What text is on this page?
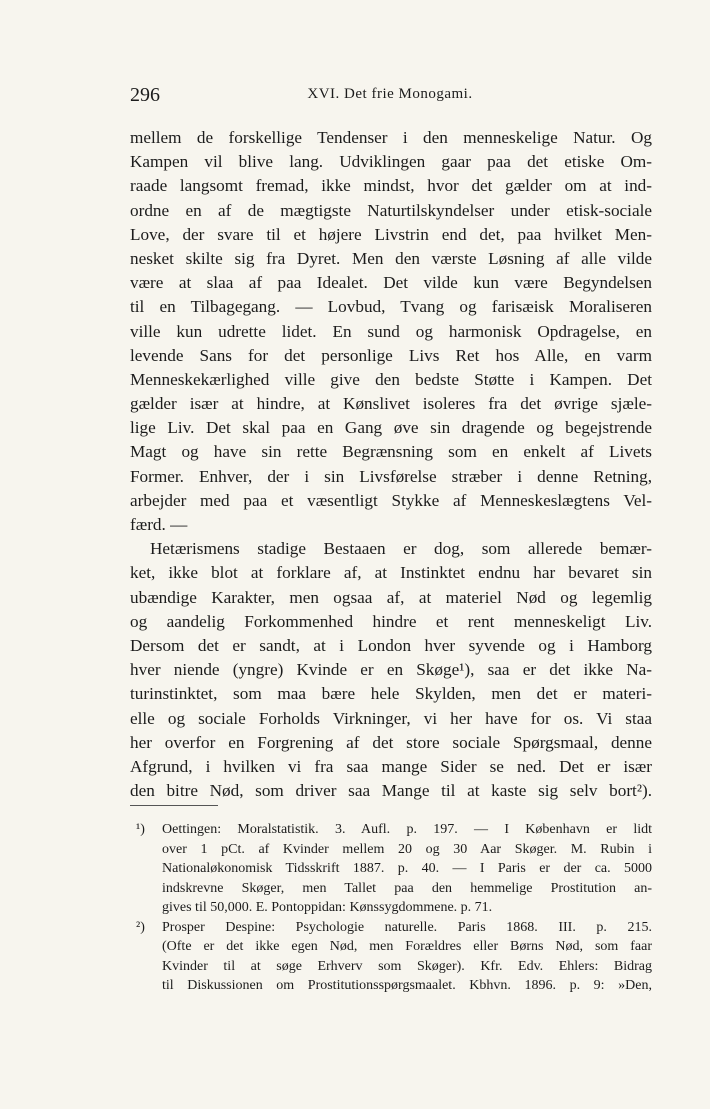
296	XVI. Det frie Monogami.
mellem de forskellige Tendenser i den menneskelige Natur. Og
Kampen vil blive lang. Udviklingen gaar paa det etiske Om-
raade langsomt fremad, ikke mindst, hvor det gælder om at ind-
ordne en af de mægtigste Naturtilskyndelser under etisk-sociale
Love, der svare til et højere Livstrin end det, paa hvilket Men-
nesket skilte sig fra Dyret. Men den værste Løsning af alle vilde
være at slaa af paa Idealet. Det vilde kun være Begyndelsen
til en Tilbagegang. — Lovbud, Tvang og farisæisk Moraliseren
ville kun udrette lidet. En sund og harmonisk Opdragelse, en
levende Sans for det personlige Livs Ret hos Alle, en varm
Menneskekærlighed ville give den bedste Støtte i Kampen. Det
gælder især at hindre, at Kønslivet isoleres fra det øvrige sjæle-
lige Liv. Det skal paa en Gang øve sin dragende og begejstrende
Magt og have sin rette Begrænsning som en enkelt af Livets
Former. Enhver, der i sin Livsførelse stræber i denne Retning,
arbejder med paa et væsentligt Stykke af Menneskeslægtens Vel-
færd. —
Hetærismens stadige Bestaaen er dog, som allerede bemær-
ket, ikke blot at forklare af, at Instinktet endnu har bevaret sin
ubændige Karakter, men ogsaa af, at materiel Nød og legemlig
og aandelig Forkommenhed hindre et rent menneskeligt Liv.
Dersom det er sandt, at i London hver syvende og i Hamborg
hver niende (yngre) Kvinde er en Skøge¹), saa er det ikke Na-
turinstinktet, som maa bære hele Skylden, men det er materi-
elle og sociale Forholds Virkninger, vi her have for os. Vi staa
her overfor en Forgrening af det store sociale Spørgsmaal, denne
Afgrund, i hvilken vi fra saa mange Sider se ned. Det er især
den bitre Nød, som driver saa Mange til at kaste sig selv bort²).
¹) Oettingen: Moralstatistik. 3. Aufl. p. 197. — I København er lidt
over 1 pCt. af Kvinder mellem 20 og 30 Aar Skøger. M. Rubin i
Nationaløkonomisk Tidsskrift 1887. p. 40. — I Paris er der ca. 5000
indskrevne Skøger, men Tallet paa den hemmelige Prostitution an-
gives til 50,000. E. Pontoppidan: Kønssygdommene. p. 71.
²) Prosper Despine: Psychologie naturelle. Paris 1868. III. p. 215.
(Ofte er det ikke egen Nød, men Forældres eller Børns Nød, som faar
Kvinder til at søge Erhverv som Skøger). Kfr. Edv. Ehlers: Bidrag
til Diskussionen om Prostitutionsspørgsmaalet. Kbhvn. 1896. p. 9: »Den,
